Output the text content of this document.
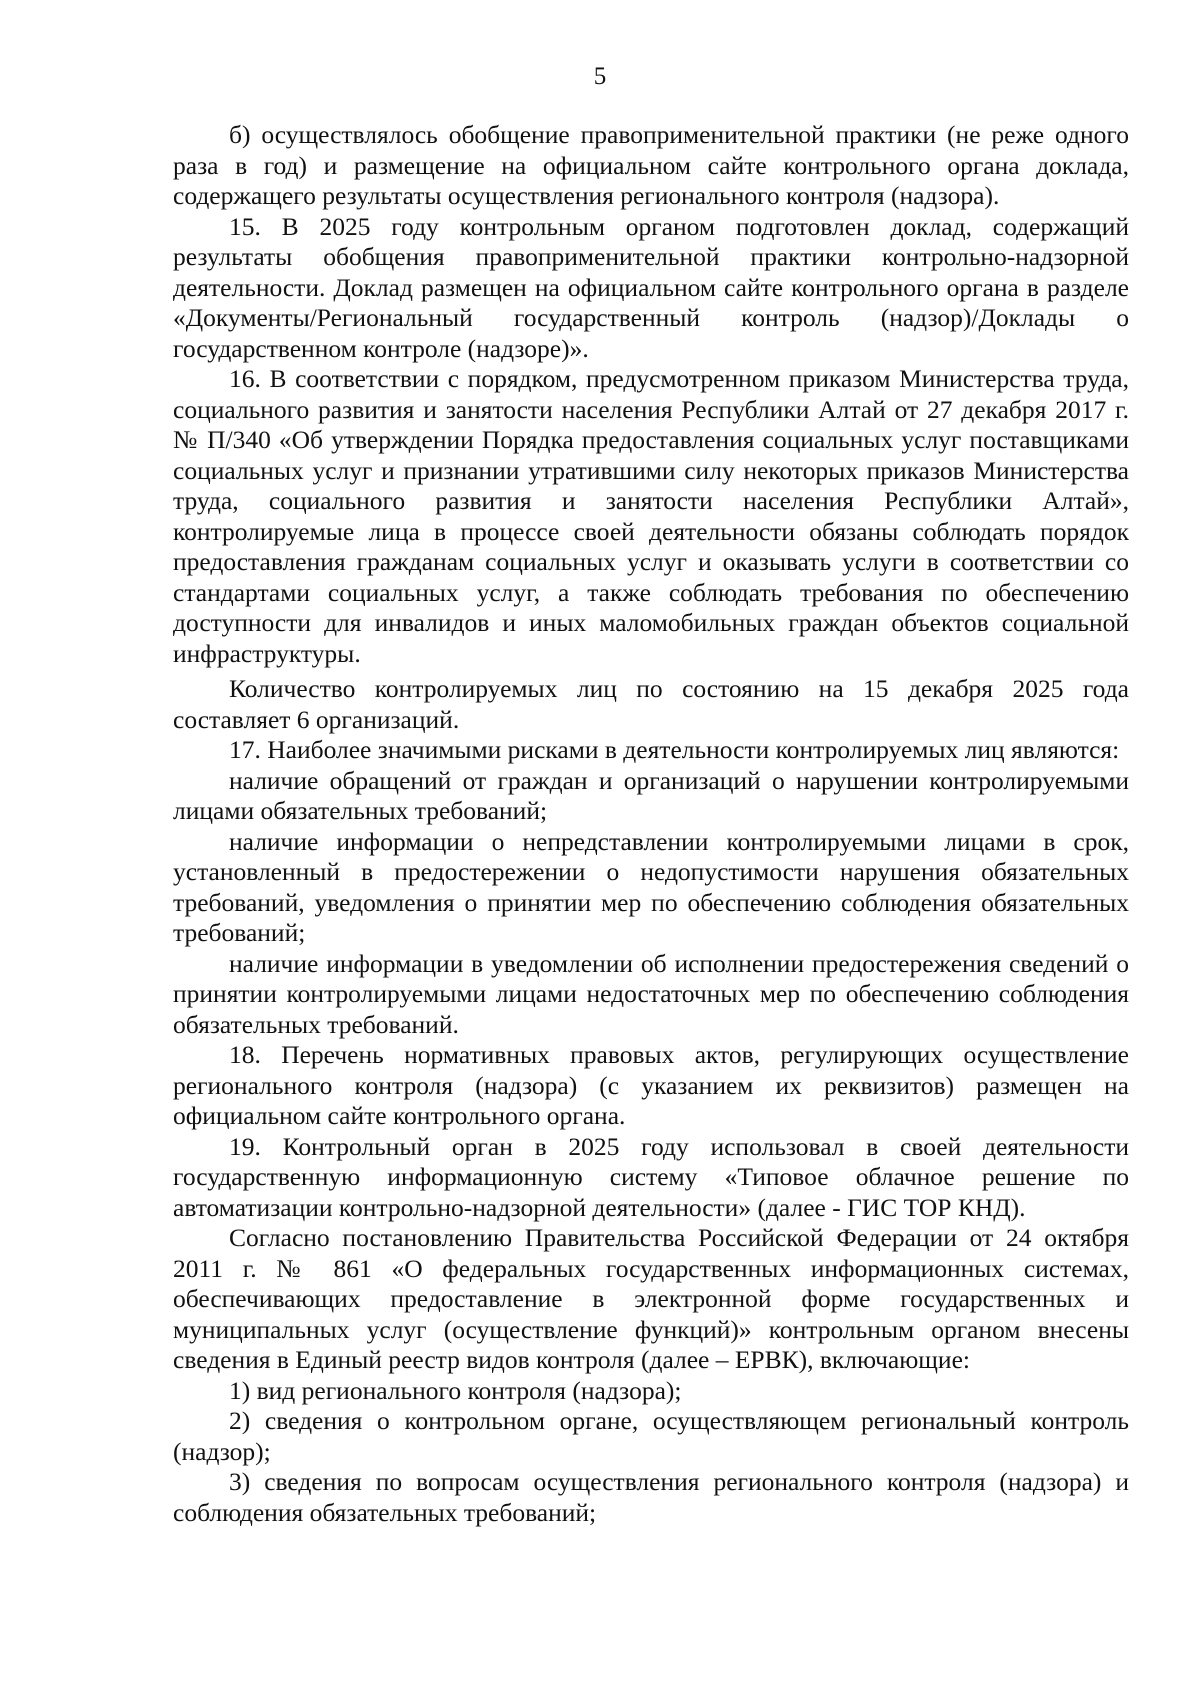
5

б) осуществлялось обобщение правоприменительной практики (не реже одного раза в год) и размещение на официальном сайте контрольного органа доклада, содержащего результаты осуществления регионального контроля (надзора).

15. В 2025 году контрольным органом подготовлен доклад, содержащий результаты обобщения правоприменительной практики контрольно-надзорной деятельности. Доклад размещен на официальном сайте контрольного органа в разделе «Документы/Региональный государственный контроль (надзор)/Доклады о государственном контроле (надзоре)».

16. В соответствии с порядком, предусмотренном приказом Министерства труда, социального развития и занятости населения Республики Алтай от 27 декабря 2017 г. № П/340 «Об утверждении Порядка предоставления социальных услуг поставщиками социальных услуг и признании утратившими силу некоторых приказов Министерства труда, социального развития и занятости населения Республики Алтай», контролируемые лица в процессе своей деятельности обязаны соблюдать порядок предоставления гражданам социальных услуг и оказывать услуги в соответствии со стандартами социальных услуг, а также соблюдать требования по обеспечению доступности для инвалидов и иных маломобильных граждан объектов социальной инфраструктуры.

Количество контролируемых лиц по состоянию на 15 декабря 2025 года составляет 6 организаций.

17. Наиболее значимыми рисками в деятельности контролируемых лиц являются:

наличие обращений от граждан и организаций о нарушении контролируемыми лицами обязательных требований;

наличие информации о непредставлении контролируемыми лицами в срок, установленный в предостережении о недопустимости нарушения обязательных требований, уведомления о принятии мер по обеспечению соблюдения обязательных требований;

наличие информации в уведомлении об исполнении предостережения сведений о принятии контролируемыми лицами недостаточных мер по обеспечению соблюдения обязательных требований.

18. Перечень нормативных правовых актов, регулирующих осуществление регионального контроля (надзора) (с указанием их реквизитов) размещен на официальном сайте контрольного органа.

19. Контрольный орган в 2025 году использовал в своей деятельности государственную информационную систему «Типовое облачное решение по автоматизации контрольно-надзорной деятельности» (далее - ГИС ТОР КНД).

Согласно постановлению Правительства Российской Федерации от 24 октября 2011 г. № 861 «О федеральных государственных информационных системах, обеспечивающих предоставление в электронной форме государственных и муниципальных услуг (осуществление функций)» контрольным органом внесены сведения в Единый реестр видов контроля (далее – ЕРВК), включающие:

1) вид регионального контроля (надзора);

2) сведения о контрольном органе, осуществляющем региональный контроль (надзор);

3) сведения по вопросам осуществления регионального контроля (надзора) и соблюдения обязательных требований;
